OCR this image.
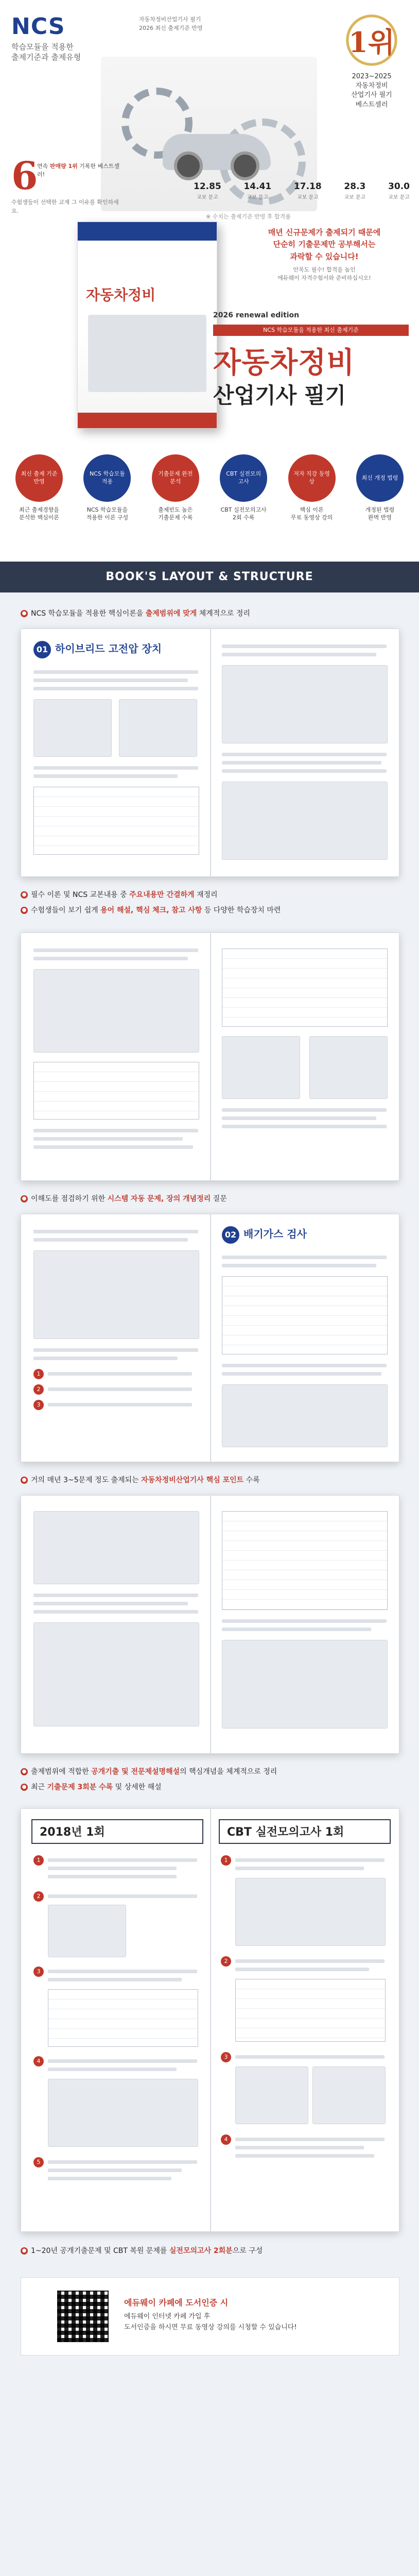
NCS
학습모듈을 적용한
출제기준과 출제유형
자동차정비산업기사 필기
2026 최신 출제기준 반영	1위
2023~2025
자동차정비
산업기사 필기
베스트셀러
6
연속 판매량 1위 기록한 베스트셀러!
수험생들이 선택한 교재 그 이유를 확인하세요.
12.85
교보 문고
14.41
교보 문고
17.18
교보 문고
28.3
교보 문고
30.0
교보 문고
※ 수치는 출제기준 반영 후 합격률
매년 신규문제가 출제되기 때문에
단순히 기출문제만 공부해서는
과락할 수 있습니다!
안목도 필수! 합격을 높인
에듀웨이 자격수험서와 준비하십시오!
자동차정비
2026 renewal edition
NCS 학습모듈을 적용한 최신 출제기준
자동차정비
산업기사 필기
최신 출제 기준 반영
최근 출제경향을
분석한 핵심이론
NCS 학습모듈 적용
NCS 학습모듈을
적용한 이론 구성
기출문제 완전분석
출제빈도 높은
기출문제 수록
CBT 실전모의고사
CBT 실전모의고사
2회 수록
저자 직강 동영상
핵심 이론
무료 동영상 강의
최신 개정 법령
개정된 법령
완벽 반영
BOOK'S LAYOUT & STRUCTURE
● NCS 학습모듈을 적용한 핵심이론을 출제범위에 맞게 체계적으로 정리
01 하이브리드 고전압 장치
● 필수 이론 및 NCS 교본내용 중 주요내용만 간결하게 재정리
● 수험생들이 보기 쉽게 용어 해설, 핵심 체크, 참고 사항 등 다양한 학습장치 마련
● 이해도를 점검하기 위한 시스템 자동 문제, 장의 개념정리 질문
1
2
3
02 배기가스 검사
● 거의 매년 3~5문제 정도 출제되는 자동차정비산업기사 핵심 포인트 수록
● 출제범위에 적합한 공개기출 및 전문제설명해설의 핵심개념을 체계적으로 정리
● 최근 기출문제 3회분 수록 및 상세한 해설
2018년 1회	CBT 실전모의고사 1회
1
2
3
4
5
1
2
3
4
● 1~20년 공개기출문제 및 CBT 복원 문제를 실전모의고사 2회분으로 구성
에듀웨이 카페에 도서인증 시
에듀웨이 인터넷 카페 가입 후
도서인증을 하시면 무료 동영상 강의를 시청할 수 있습니다!
